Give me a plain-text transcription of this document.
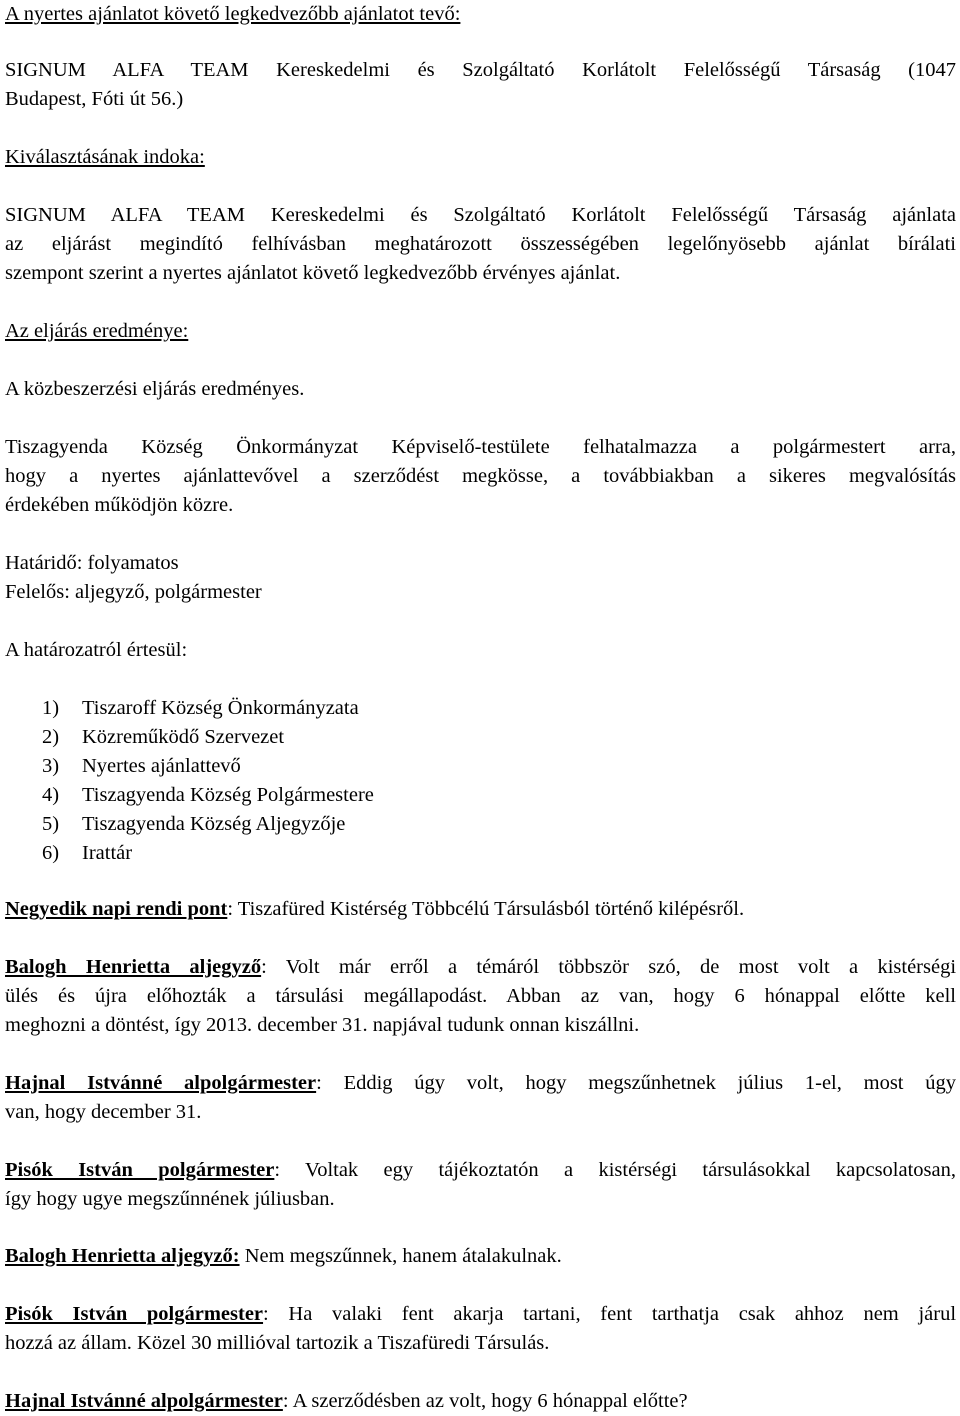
A nyertes ajánlatot követő legkedvezőbb ajánlatot tevő:
SIGNUM ALFA TEAM Kereskedelmi és Szolgáltató Korlátolt Felelősségű Társaság (1047
Budapest, Fóti út 56.)
Kiválasztásának indoka:
SIGNUM ALFA TEAM Kereskedelmi és Szolgáltató Korlátolt Felelősségű Társaság ajánlata
az eljárást megindító felhívásban meghatározott összességében legelőnyösebb ajánlat bírálati
szempont szerint a nyertes ajánlatot követő legkedvezőbb érvényes ajánlat.
Az eljárás eredménye:
A közbeszerzési eljárás eredményes.
Tiszagyenda Község Önkormányzat Képviselő-testülete felhatalmazza a polgármestert arra,
hogy a nyertes ajánlattevővel a szerződést megkösse, a továbbiakban a sikeres megvalósítás
érdekében működjön közre.
Határidő: folyamatos
Felelős: aljegyző, polgármester
A határozatról értesül:
1) Tiszaroff Község Önkormányzata
2) Közreműködő Szervezet
3) Nyertes ajánlattevő
4) Tiszagyenda Község Polgármestere
5) Tiszagyenda Község Aljegyzője
6) Irattár
Negyedik napi rendi pont: Tiszafüred Kistérség Többcélú Társulásból történő kilépésről.
Balogh Henrietta aljegyző: Volt már erről a témáról többször szó, de most volt a kistérségi
ülés és újra előhozták a társulási megállapodást. Abban az van, hogy 6 hónappal előtte kell
meghozni a döntést, így 2013. december 31. napjával tudunk onnan kiszállni.
Hajnal Istvánné alpolgármester: Eddig úgy volt, hogy megszűnhetnek július 1-el, most úgy
van, hogy december 31.
Pisók István polgármester: Voltak egy tájékoztatón a kistérségi társulásokkal kapcsolatosan,
így hogy ugye megszűnnének júliusban.
Balogh Henrietta aljegyző: Nem megszűnnek, hanem átalakulnak.
Pisók István polgármester: Ha valaki fent akarja tartani, fent tarthatja csak ahhoz nem járul
hozzá az állam. Közel 30 millióval tartozik a Tiszafüredi Társulás.
Hajnal Istvánné alpolgármester: A szerződésben az volt, hogy 6 hónappal előtte?
